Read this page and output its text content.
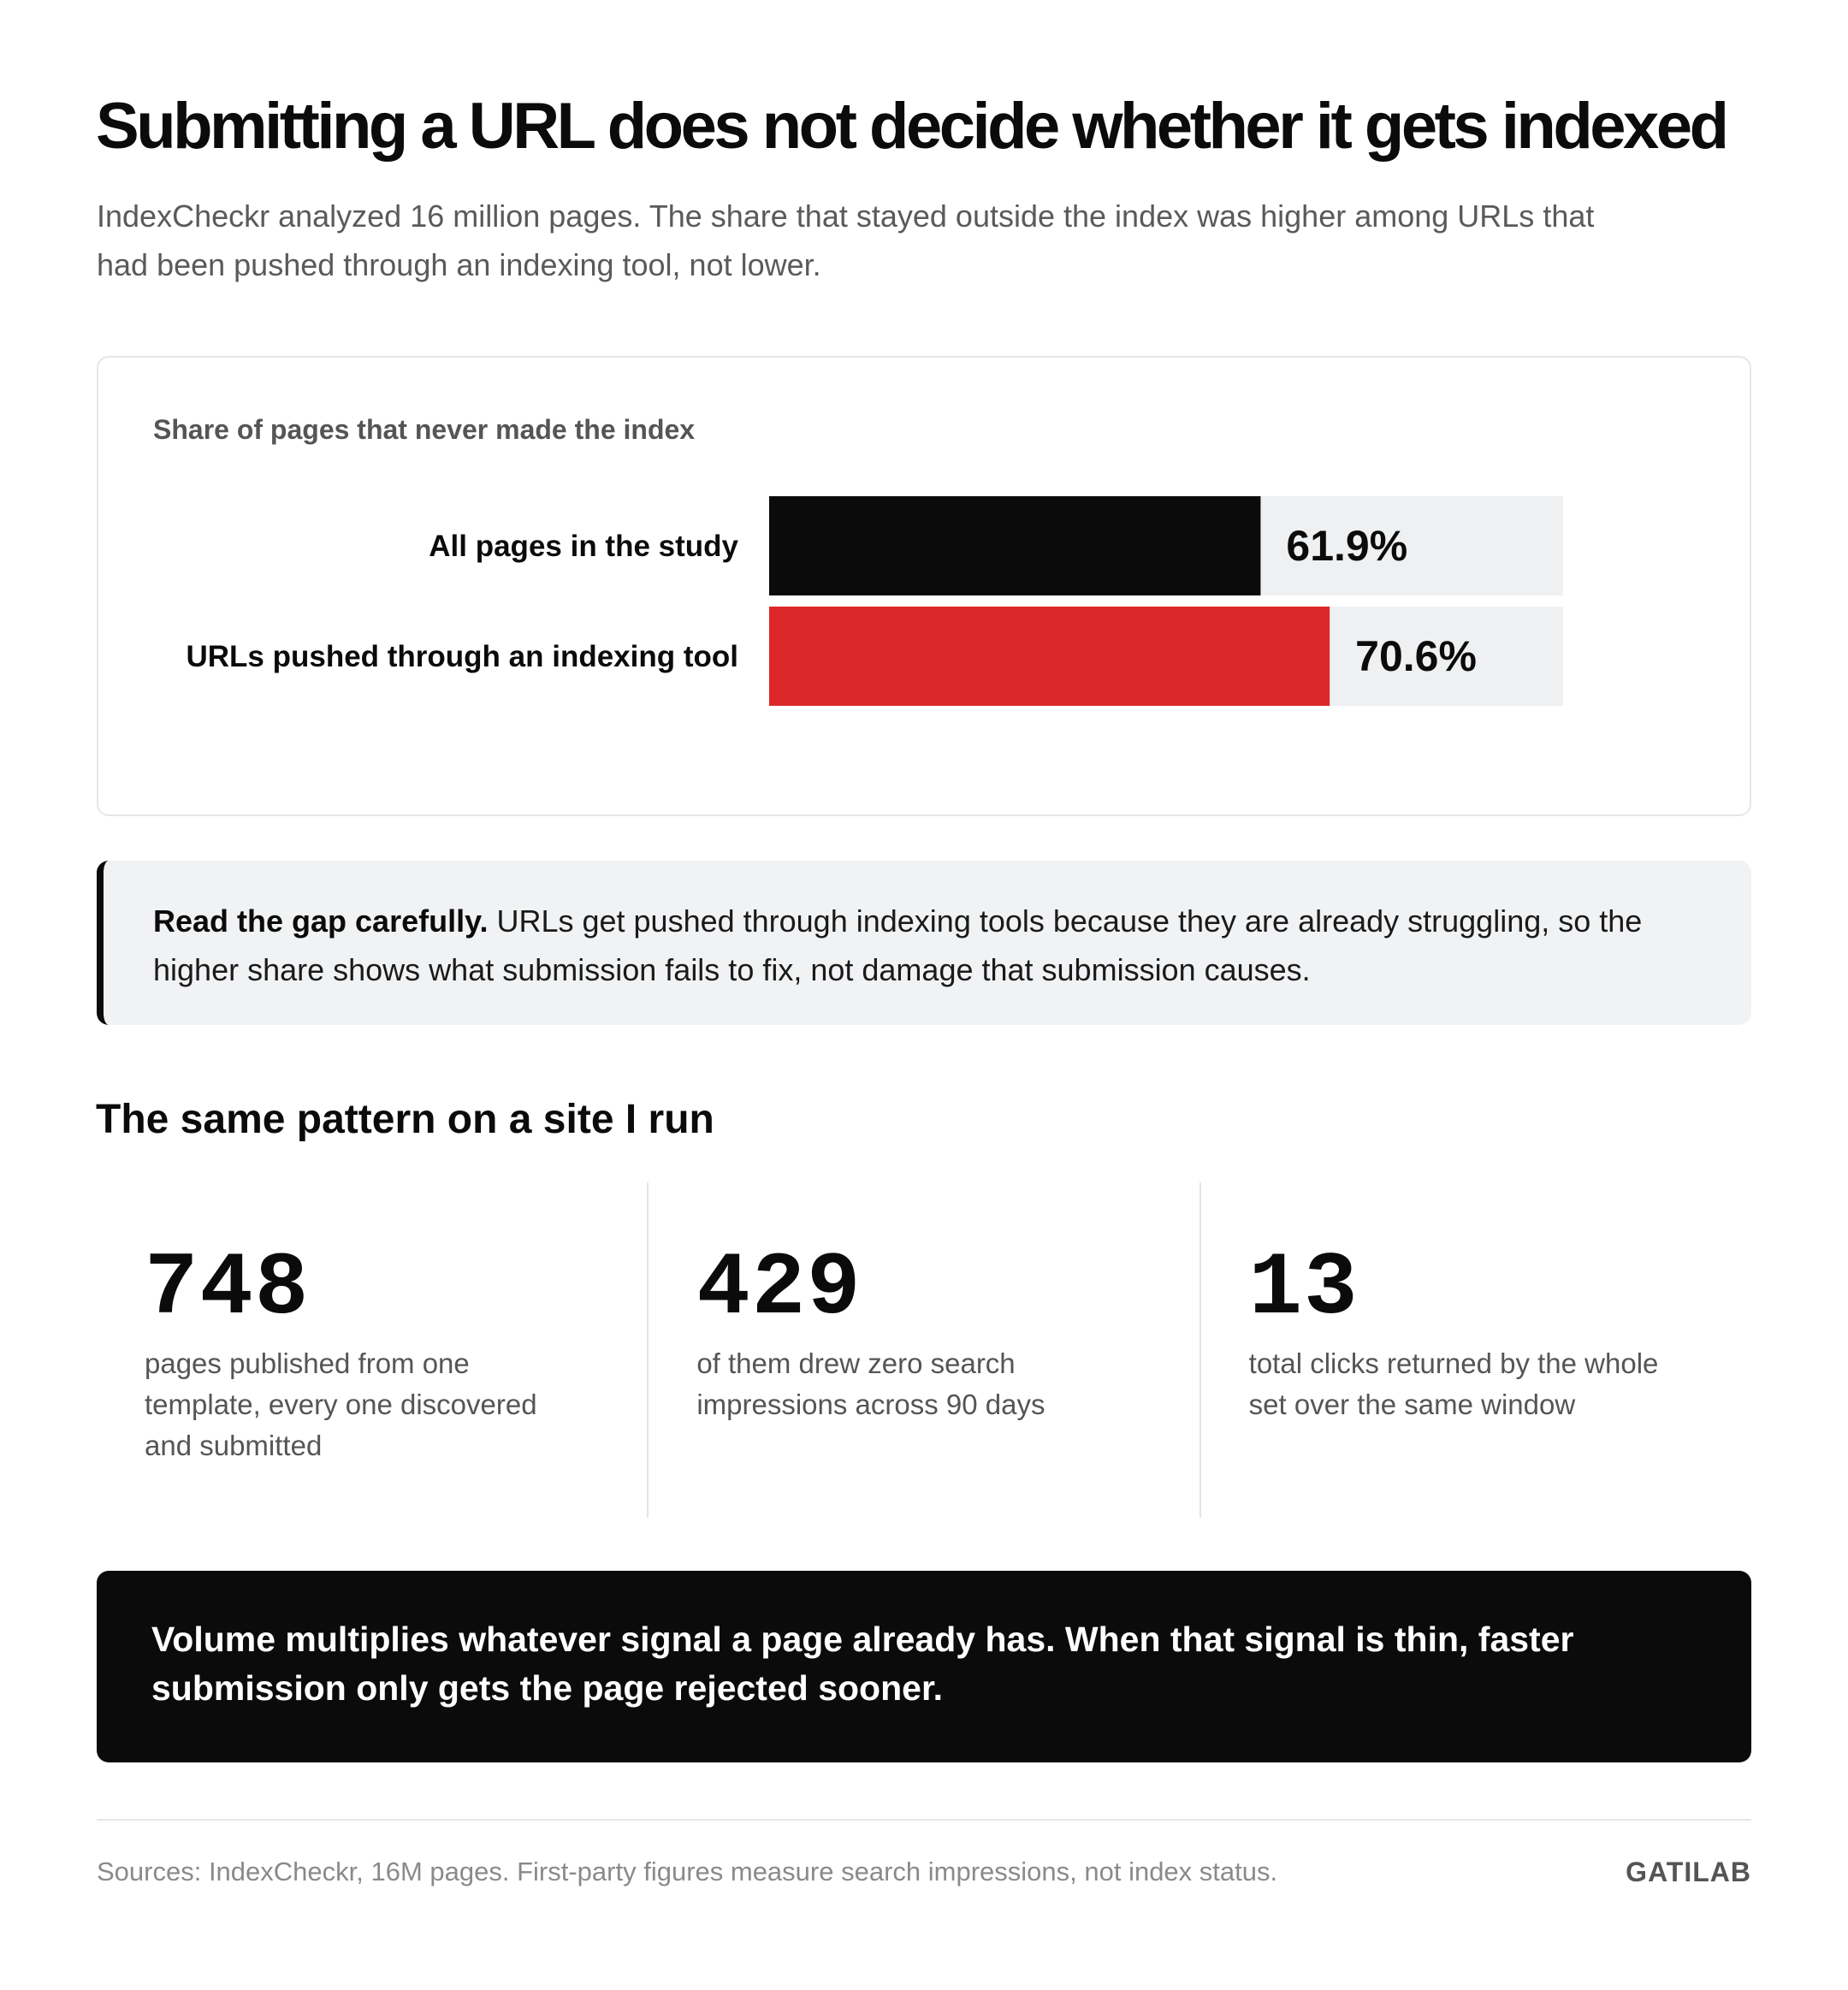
Submitting a URL does not decide whether it gets indexed

IndexCheckr analyzed 16 million pages. The share that stayed outside the index was higher among URLs that had been pushed through an indexing tool, not lower.

Share of pages that never made the index
All pages in the study	61.9%
URLs pushed through an indexing tool	70.6%
Read the gap carefully. URLs get pushed through indexing tools because they are already struggling, so the higher share shows what submission fails to fix, not damage that submission causes.
The same pattern on a site I run
748
pages published from one template, every one discovered and submitted
429
of them drew zero search impressions across 90 days
13
total clicks returned by the whole set over the same window
Volume multiplies whatever signal a page already has. When that signal is thin, faster submission only gets the page rejected sooner.
Sources: IndexCheckr, 16M pages. First-party figures measure search impressions, not index status.	GATILAB
